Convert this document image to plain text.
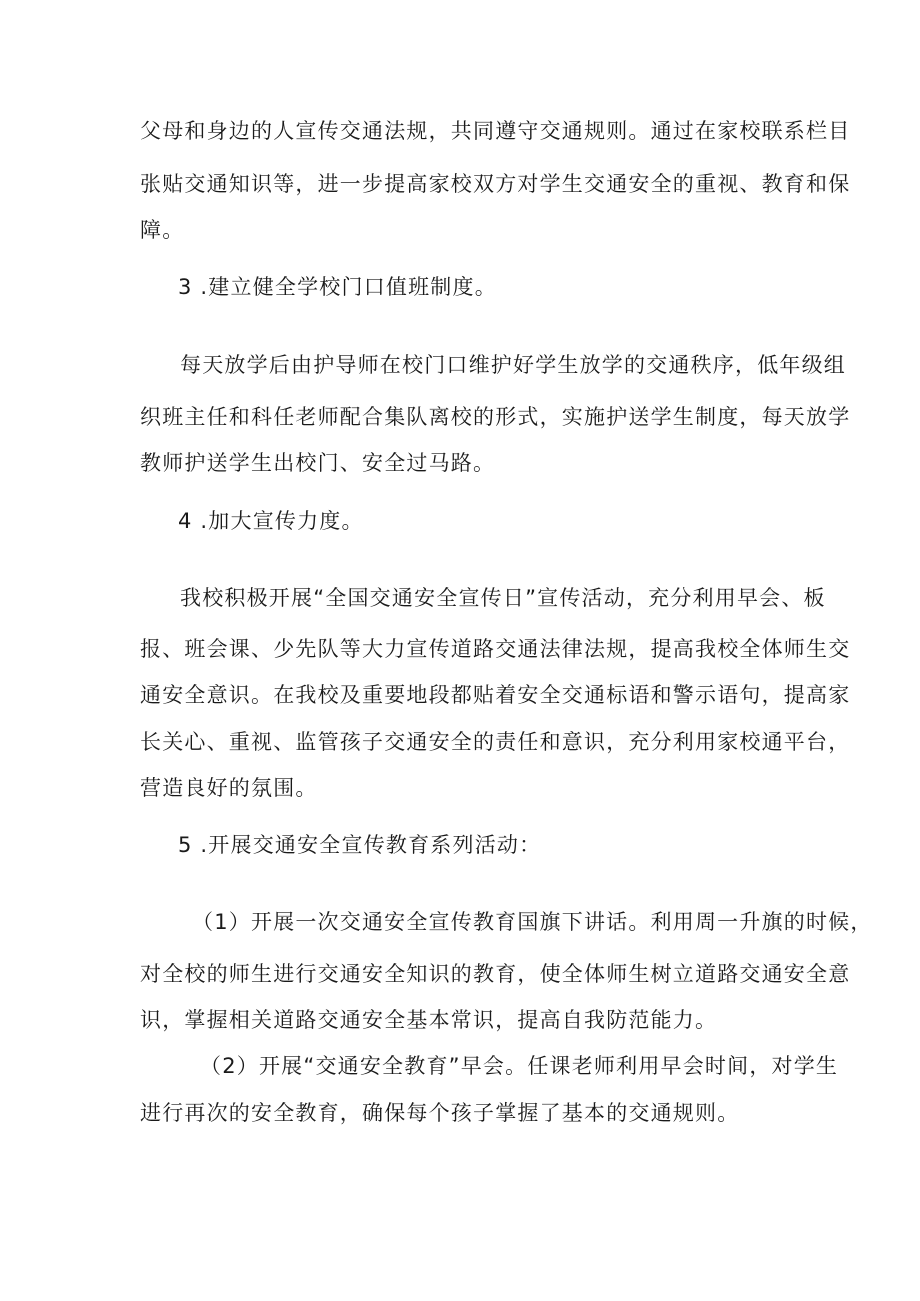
父母和身边的人宣传交通法规，共同遵守交通规则。通过在家校联系栏目
张贴交通知识等，进一步提高家校双方对学生交通安全的重视、教育和保
障。
3 .建立健全学校门口值班制度。
每天放学后由护导师在校门口维护好学生放学的交通秩序，低年级组
织班主任和科任老师配合集队离校的形式，实施护送学生制度，每天放学
教师护送学生出校门、安全过马路。
4 .加大宣传力度。
我校积极开展“全国交通安全宣传日”宣传活动，充分利用早会、板
报、班会课、少先队等大力宣传道路交通法律法规，提高我校全体师生交
通安全意识。在我校及重要地段都贴着安全交通标语和警示语句，提高家
长关心、重视、监管孩子交通安全的责任和意识，充分利用家校通平台，
营造良好的氛围。
5 .开展交通安全宣传教育系列活动：
（1）开展一次交通安全宣传教育国旗下讲话。利用周一升旗的时候，
对全校的师生进行交通安全知识的教育，使全体师生树立道路交通安全意
识，掌握相关道路交通安全基本常识，提高自我防范能力。
（2）开展“交通安全教育”早会。任课老师利用早会时间，对学生
进行再次的安全教育，确保每个孩子掌握了基本的交通规则。
